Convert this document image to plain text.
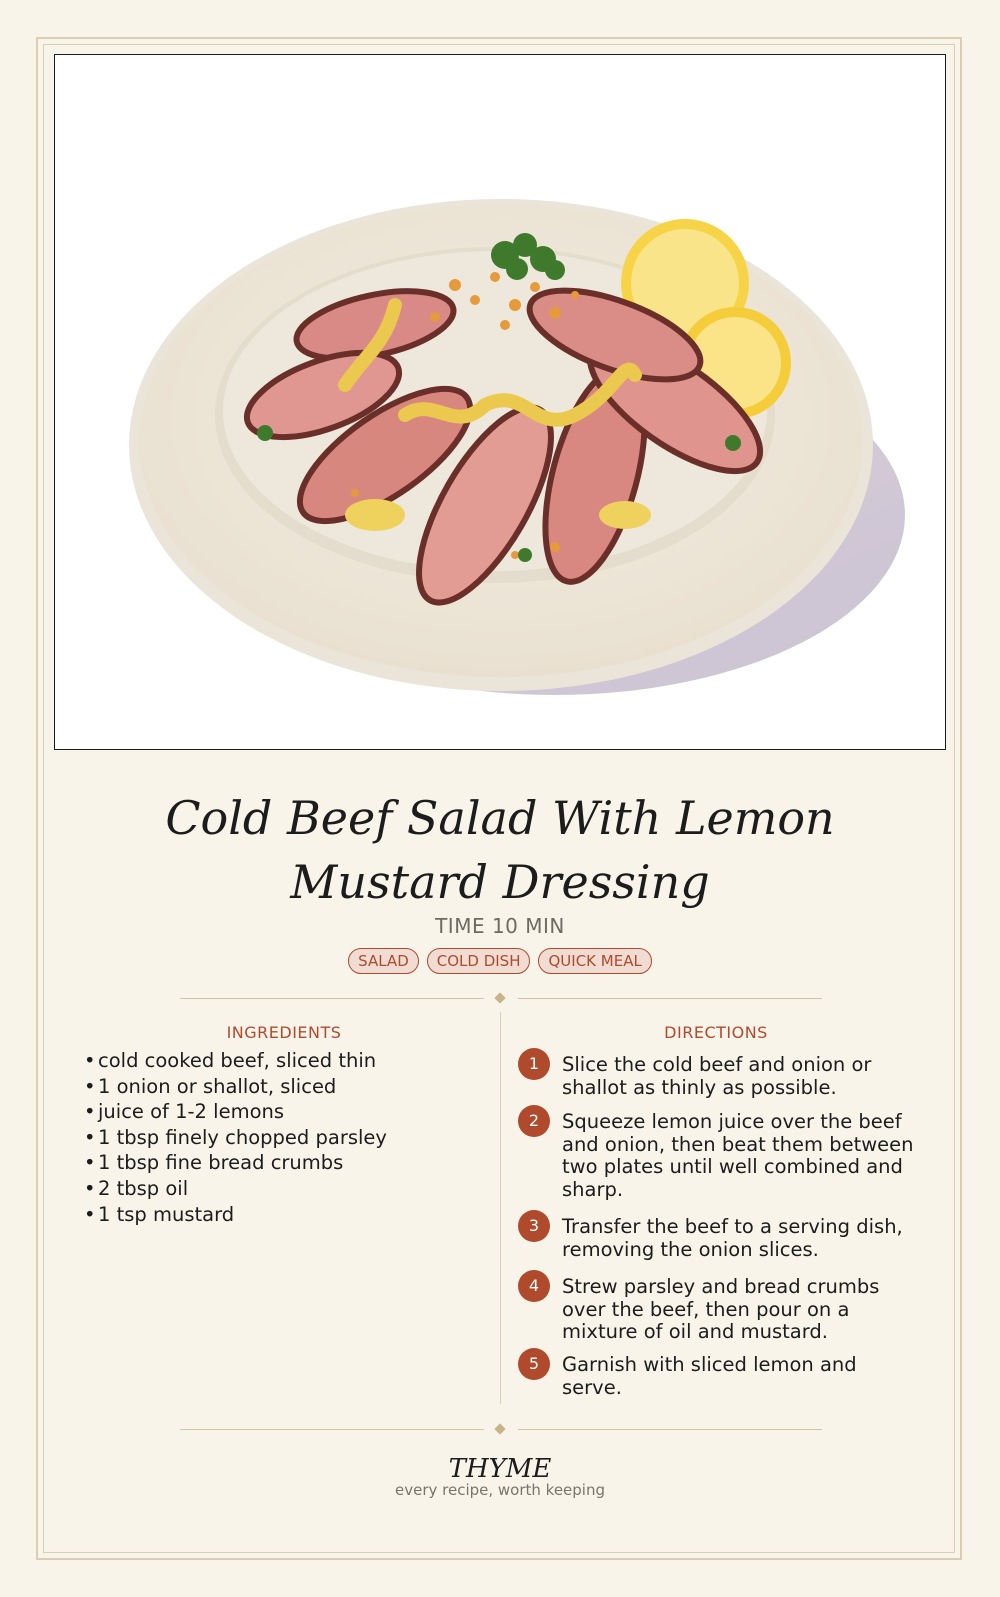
Cold Beef Salad With Lemon Mustard Dressing
TIME 10 MIN
SALAD	COLD DISH	QUICK MEAL
INGREDIENTS	DIRECTIONS
• cold cooked beef, sliced thin
• 1 onion or shallot, sliced
• juice of 1-2 lemons
• 1 tbsp finely chopped parsley
• 1 tbsp fine bread crumbs
• 2 tbsp oil
• 1 tsp mustard
1	Slice the cold beef and onion or shallot as thinly as possible.
2	Squeeze lemon juice over the beef and onion, then beat them between two plates until well combined and sharp.
3	Transfer the beef to a serving dish, removing the onion slices.
4	Strew parsley and bread crumbs over the beef, then pour on a mixture of oil and mustard.
5	Garnish with sliced lemon and serve.
THYME
every recipe, worth keeping
